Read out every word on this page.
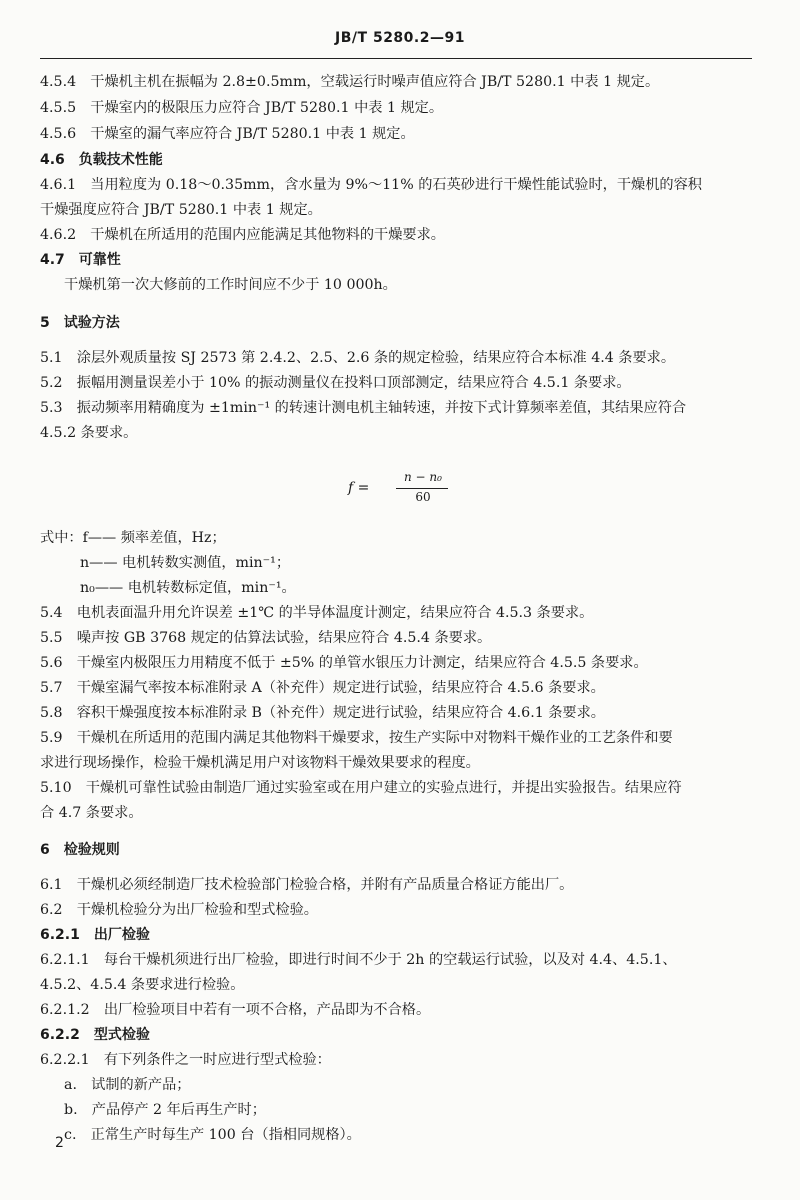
JB/T 5280.2—91
4.5.4　干燥机主机在振幅为 2.8±0.5mm，空载运行时噪声值应符合 JB/T 5280.1 中表 1 规定。
4.5.5　干燥室内的极限压力应符合 JB/T 5280.1 中表 1 规定。
4.5.6　干燥室的漏气率应符合 JB/T 5280.1 中表 1 规定。
4.6　负载技术性能
4.6.1　当用粒度为 0.18～0.35mm，含水量为 9%～11% 的石英砂进行干燥性能试验时，干燥机的容积
干燥强度应符合 JB/T 5280.1 中表 1 规定。
4.6.2　干燥机在所适用的范围内应能满足其他物料的干燥要求。
4.7　可靠性
干燥机第一次大修前的工作时间应不少于 10 000h。
5　试验方法
5.1　涂层外观质量按 SJ 2573 第 2.4.2、2.5、2.6 条的规定检验，结果应符合本标准 4.4 条要求。
5.2　振幅用测量误差小于 10% 的振动测量仪在投料口顶部测定，结果应符合 4.5.1 条要求。
5.3　振动频率用精确度为 ±1min⁻¹ 的转速计测电机主轴转速，并按下式计算频率差值，其结果应符合
4.5.2 条要求。
f =
n − n₀
60
式中：f—— 频率差值，Hz；
n—— 电机转数实测值，min⁻¹；
n₀—— 电机转数标定值，min⁻¹。
5.4　电机表面温升用允许误差 ±1℃ 的半导体温度计测定，结果应符合 4.5.3 条要求。
5.5　噪声按 GB 3768 规定的估算法试验，结果应符合 4.5.4 条要求。
5.6　干燥室内极限压力用精度不低于 ±5% 的单管水银压力计测定，结果应符合 4.5.5 条要求。
5.7　干燥室漏气率按本标准附录 A（补充件）规定进行试验，结果应符合 4.5.6 条要求。
5.8　容积干燥强度按本标准附录 B（补充件）规定进行试验，结果应符合 4.6.1 条要求。
5.9　干燥机在所适用的范围内满足其他物料干燥要求，按生产实际中对物料干燥作业的工艺条件和要
求进行现场操作，检验干燥机满足用户对该物料干燥效果要求的程度。
5.10　干燥机可靠性试验由制造厂通过实验室或在用户建立的实验点进行，并提出实验报告。结果应符
合 4.7 条要求。
6　检验规则
6.1　干燥机必须经制造厂技术检验部门检验合格，并附有产品质量合格证方能出厂。
6.2　干燥机检验分为出厂检验和型式检验。
6.2.1　出厂检验
6.2.1.1　每台干燥机须进行出厂检验，即进行时间不少于 2h 的空载运行试验，以及对 4.4、4.5.1、
4.5.2、4.5.4 条要求进行检验。
6.2.1.2　出厂检验项目中若有一项不合格，产品即为不合格。
6.2.2　型式检验
6.2.2.1　有下列条件之一时应进行型式检验：
a.　试制的新产品；
b.　产品停产 2 年后再生产时；
c.　正常生产时每生产 100 台（指相同规格）。
2
